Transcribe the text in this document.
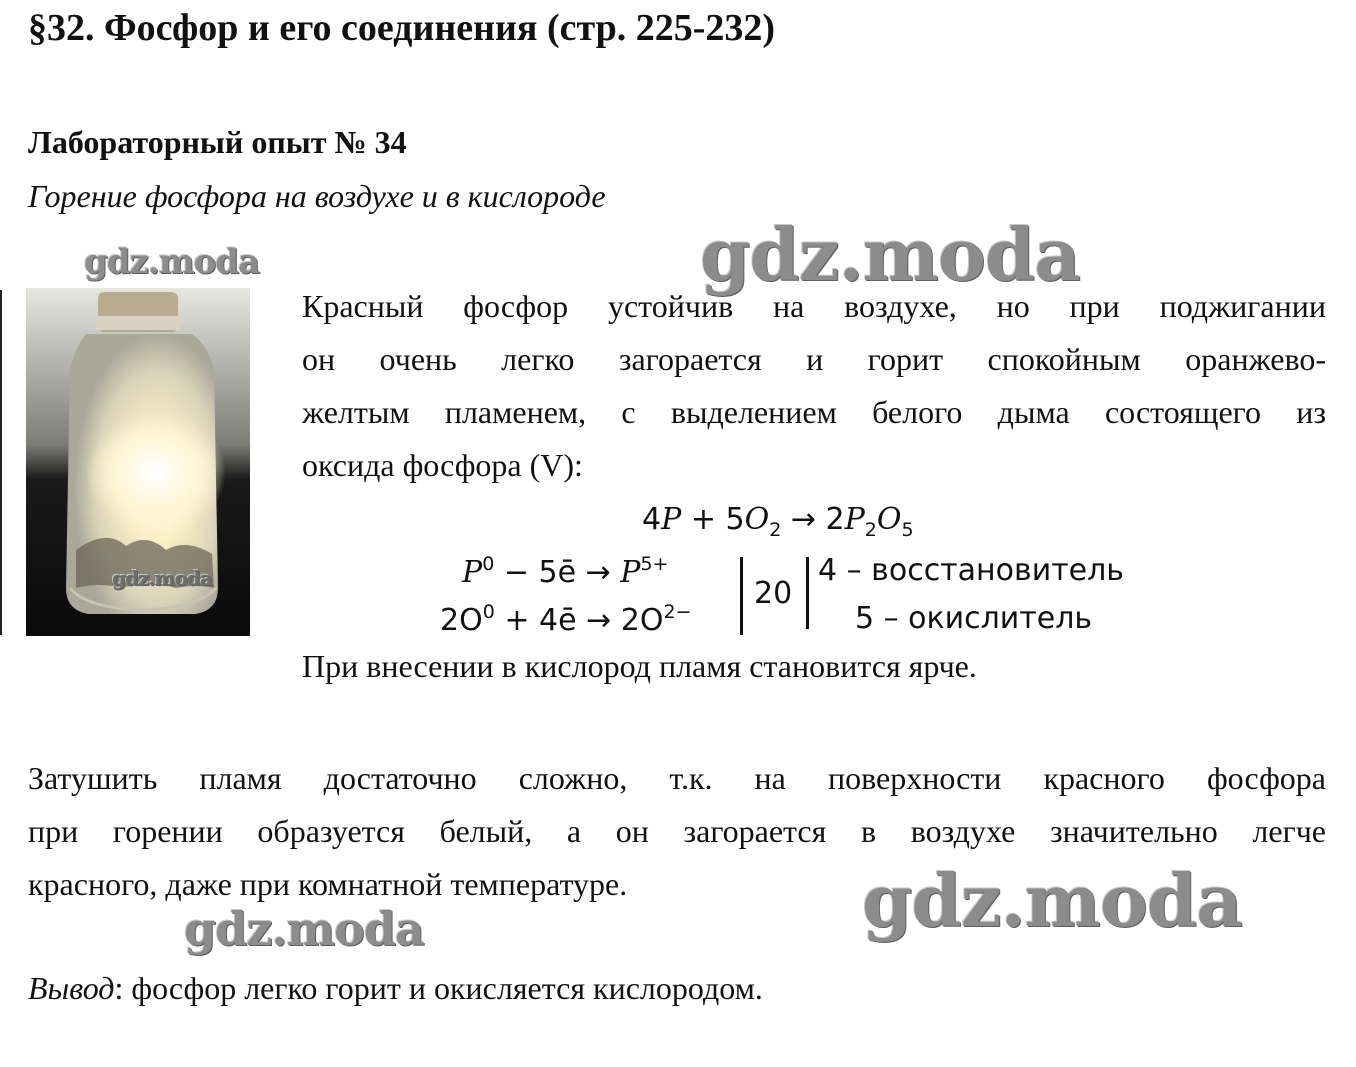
§32. Фосфор и его соединения (стр. 225-232)
Лабораторный опыт № 34
Горение фосфора на воздухе и в кислороде
gdz.moda	gdz.moda
gdz.moda
Красный фосфор устойчив на воздухе, но при поджигании
он очень легко загорается и горит спокойным оранжево-
желтым пламенем, с выделением белого дыма состоящего из
оксида фосфора (V):
$4P + 5O_2 \to 2P_2O_5$
$P^0$ − 5ē → $P^{5+}$
$2O^0$ + 4ē → $2O^{2-}$
20
4 – восстановитель
5 – окислитель
При внесении в кислород пламя становится ярче.
Затушить пламя достаточно сложно, т.к. на поверхности красного фосфора
при горении образуется белый, а он загорается в воздухе значительно легче
красного, даже при комнатной температуре.	gdz.moda
gdz.moda
Вывод: фосфор легко горит и окисляется кислородом.
